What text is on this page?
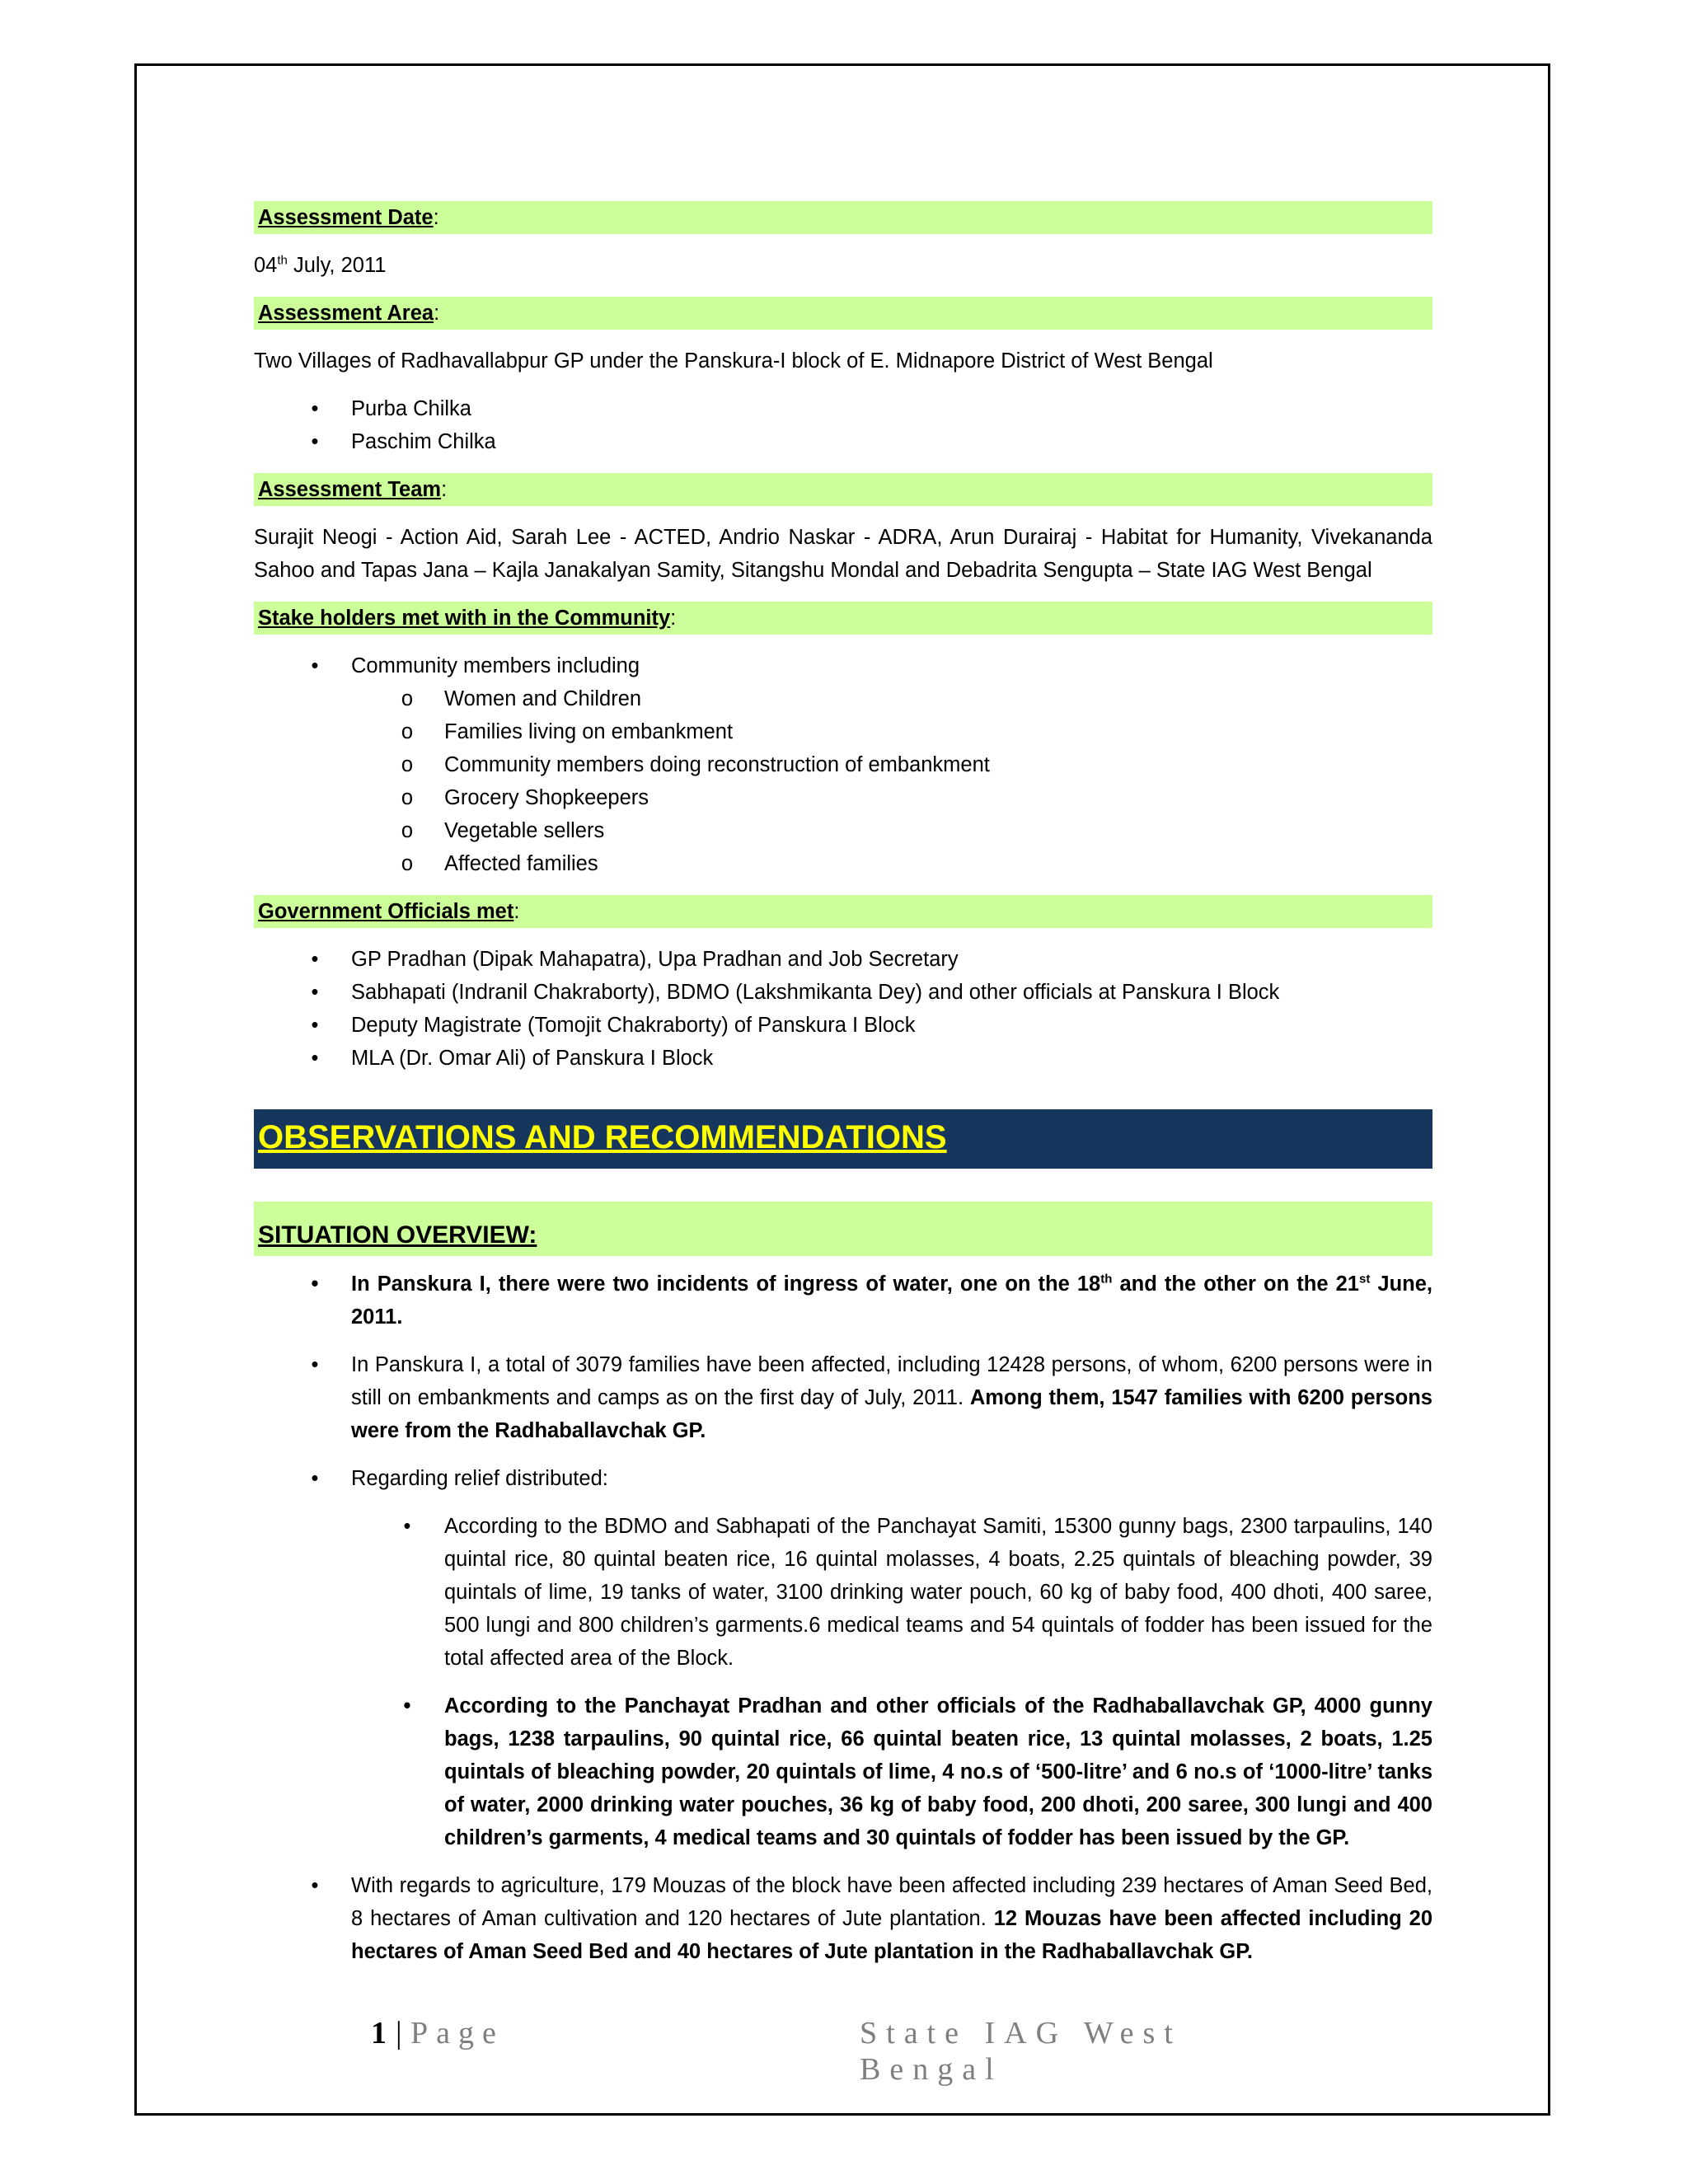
Assessment Date:

04th July, 2011

Assessment Area:

Two Villages of Radhavallabpur GP under the Panskura-I block of E. Midnapore District of West Bengal

• Purba Chilka
• Paschim Chilka
Assessment Team:

Surajit Neogi - Action Aid, Sarah Lee - ACTED, Andrio Naskar - ADRA, Arun Durairaj - Habitat for Humanity, Vivekananda Sahoo and Tapas Jana – Kajla Janakalyan Samity, Sitangshu Mondal and Debadrita Sengupta – State IAG West Bengal

Stake holders met with in the Community:
• Community members including
o Women and Children
o Families living on embankment
o Community members doing reconstruction of embankment
o Grocery Shopkeepers
o Vegetable sellers
o Affected families
Government Officials met:
• GP Pradhan (Dipak Mahapatra), Upa Pradhan and Job Secretary
• Sabhapati (Indranil Chakraborty), BDMO (Lakshmikanta Dey) and other officials at Panskura I Block
• Deputy Magistrate (Tomojit Chakraborty) of Panskura I Block
• MLA (Dr. Omar Ali) of Panskura I Block
OBSERVATIONS AND RECOMMENDATIONS
SITUATION OVERVIEW:
• In Panskura I, there were two incidents of ingress of water, one on the 18th and the other on the 21st June, 2011.
• In Panskura I, a total of 3079 families have been affected, including 12428 persons, of whom, 6200 persons were in still on embankments and camps as on the first day of July, 2011. Among them, 1547 families with 6200 persons were from the Radhaballavchak GP.
• Regarding relief distributed:
• According to the BDMO and Sabhapati of the Panchayat Samiti, 15300 gunny bags, 2300 tarpaulins, 140 quintal rice, 80 quintal beaten rice, 16 quintal molasses, 4 boats, 2.25 quintals of bleaching powder, 39 quintals of lime, 19 tanks of water, 3100 drinking water pouch, 60 kg of baby food, 400 dhoti, 400 saree, 500 lungi and 800 children’s garments.6 medical teams and 54 quintals of fodder has been issued for the total affected area of the Block.
• According to the Panchayat Pradhan and other officials of the Radhaballavchak GP, 4000 gunny bags, 1238 tarpaulins, 90 quintal rice, 66 quintal beaten rice, 13 quintal molasses, 2 boats, 1.25 quintals of bleaching powder, 20 quintals of lime, 4 no.s of ‘500-litre’ and 6 no.s of ‘1000-litre’ tanks of water, 2000 drinking water pouches, 36 kg of baby food, 200 dhoti, 200 saree, 300 lungi and 400 children’s garments, 4 medical teams and 30 quintals of fodder has been issued by the GP.
• With regards to agriculture, 179 Mouzas of the block have been affected including 239 hectares of Aman Seed Bed, 8 hectares of Aman cultivation and 120 hectares of Jute plantation. 12 Mouzas have been affected including 20 hectares of Aman Seed Bed and 40 hectares of Jute plantation in the Radhaballavchak GP.
1 | Page	State IAG West Bengal
